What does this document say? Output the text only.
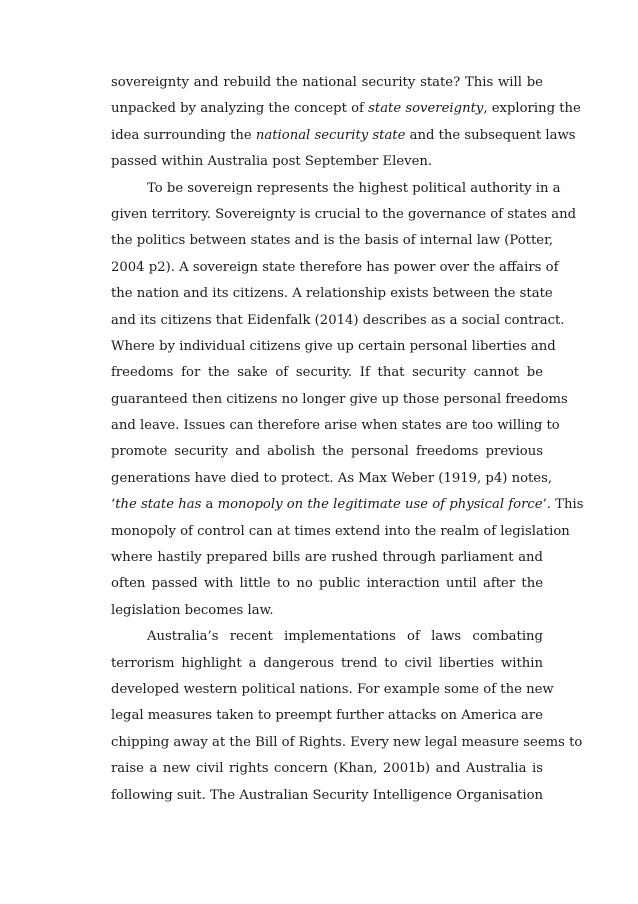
sovereignty and rebuild the national security state? This will be
unpacked by analyzing the concept of state sovereignty, exploring the
idea surrounding the national security state and the subsequent laws
passed within Australia post September Eleven.
To be sovereign represents the highest political authority in a
given territory. Sovereignty is crucial to the governance of states and
the politics between states and is the basis of internal law (Potter,
2004 p2). A sovereign state therefore has power over the affairs of
the nation and its citizens. A relationship exists between the state
and its citizens that Eidenfalk (2014) describes as a social contract.
Where by individual citizens give up certain personal liberties and
freedoms for the sake of security. If that security cannot be
guaranteed then citizens no longer give up those personal freedoms
and leave. Issues can therefore arise when states are too willing to
promote security and abolish the personal freedoms previous
generations have died to protect. As Max Weber (1919, p4) notes,
‘the state has a monopoly on the legitimate use of physical force’. This
monopoly of control can at times extend into the realm of legislation
where hastily prepared bills are rushed through parliament and
often passed with little to no public interaction until after the
legislation becomes law.
Australia’s recent implementations of laws combating
terrorism highlight a dangerous trend to civil liberties within
developed western political nations. For example some of the new
legal measures taken to preempt further attacks on America are
chipping away at the Bill of Rights. Every new legal measure seems to
raise a new civil rights concern (Khan, 2001b) and Australia is
following suit. The Australian Security Intelligence Organisation
